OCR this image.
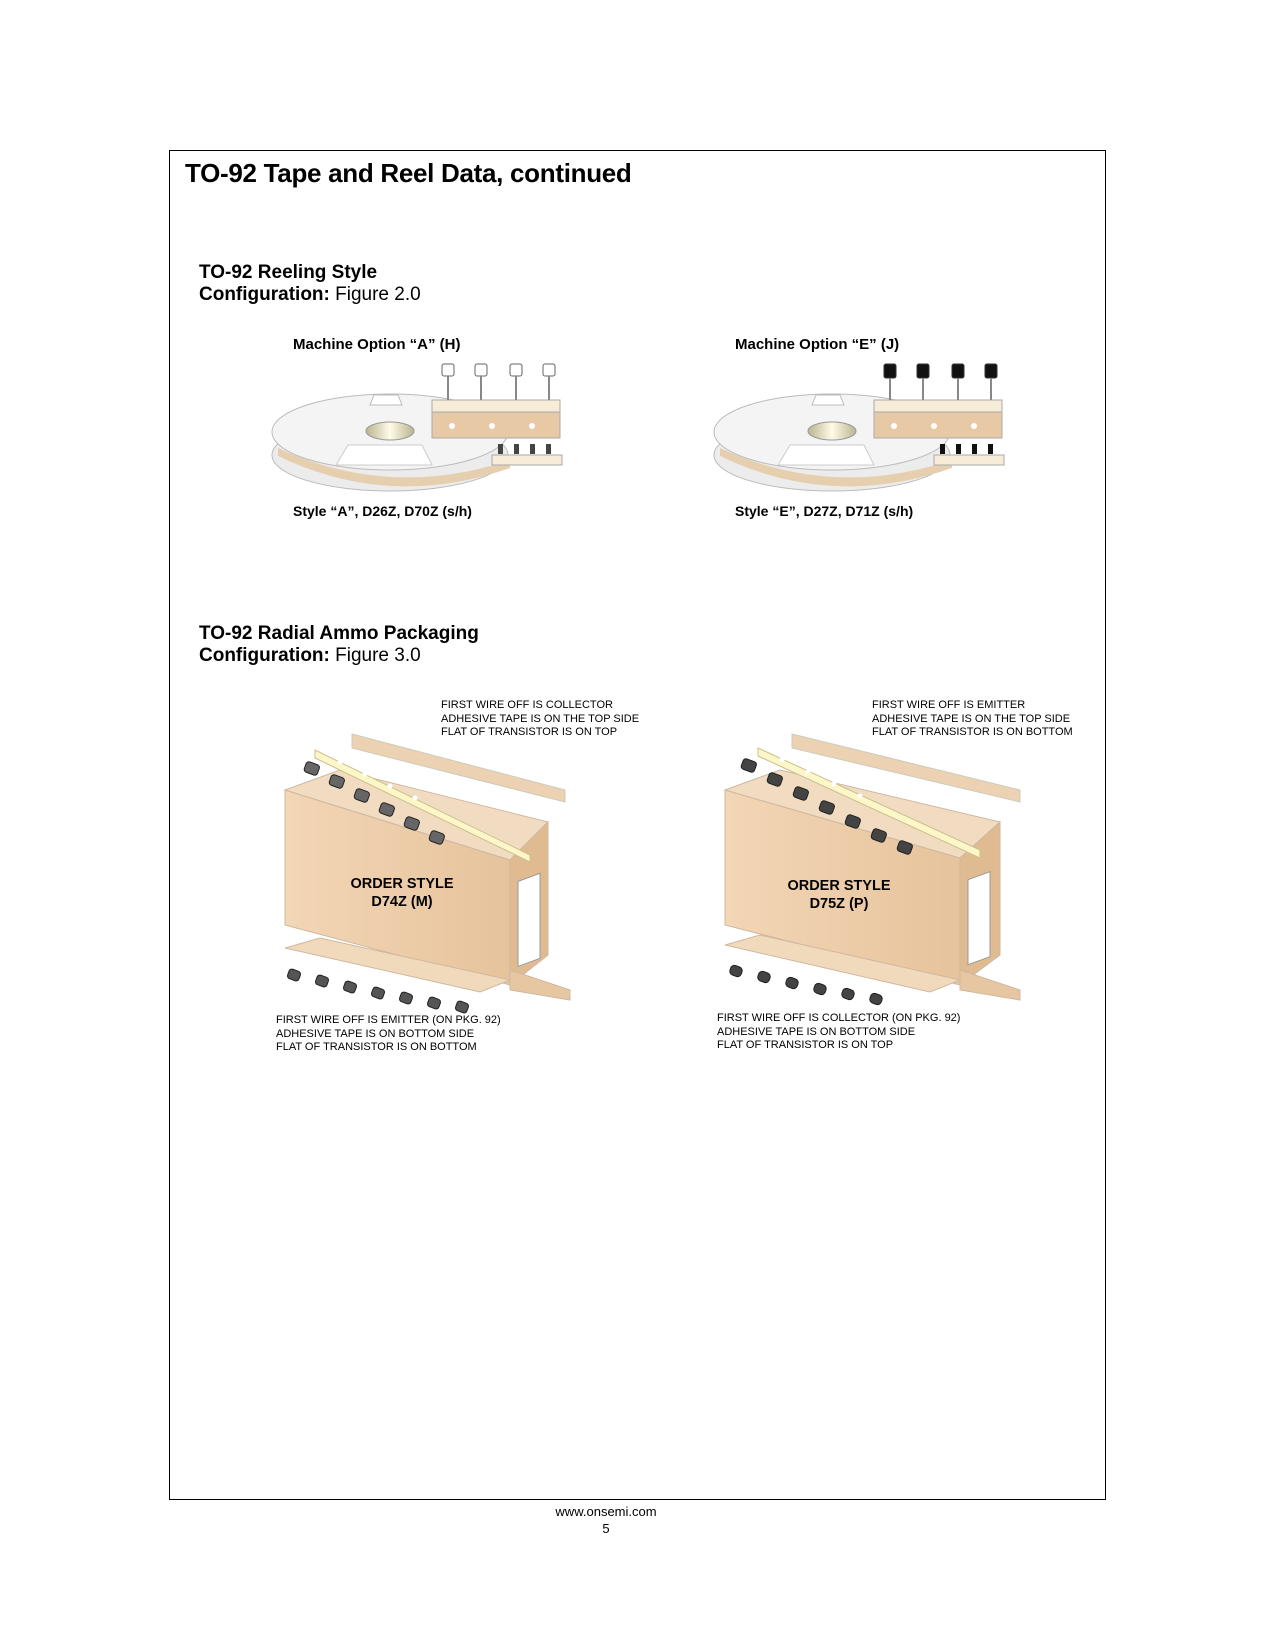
TO-92 Tape and Reel Data, continued
TO-92 Reeling Style
Configuration: Figure 2.0
Machine Option “A” (H)	Machine Option “E” (J)
Style “A”, D26Z, D70Z (s/h)	Style “E”, D27Z, D71Z (s/h)
TO-92 Radial Ammo Packaging
Configuration: Figure 3.0
FIRST WIRE OFF IS COLLECTOR
ADHESIVE TAPE IS ON THE TOP SIDE
FLAT OF TRANSISTOR IS ON TOP
FIRST WIRE OFF IS EMITTER
ADHESIVE TAPE IS ON THE TOP SIDE
FLAT OF TRANSISTOR IS ON BOTTOM
ORDER STYLE
D74Z (M)
ORDER STYLE
D75Z (P)
FIRST WIRE OFF IS EMITTER (ON PKG. 92)
ADHESIVE TAPE IS ON BOTTOM SIDE
FLAT OF TRANSISTOR IS ON BOTTOM
FIRST WIRE OFF IS COLLECTOR (ON PKG. 92)
ADHESIVE TAPE IS ON BOTTOM SIDE
FLAT OF TRANSISTOR IS ON TOP
www.onsemi.com
5
